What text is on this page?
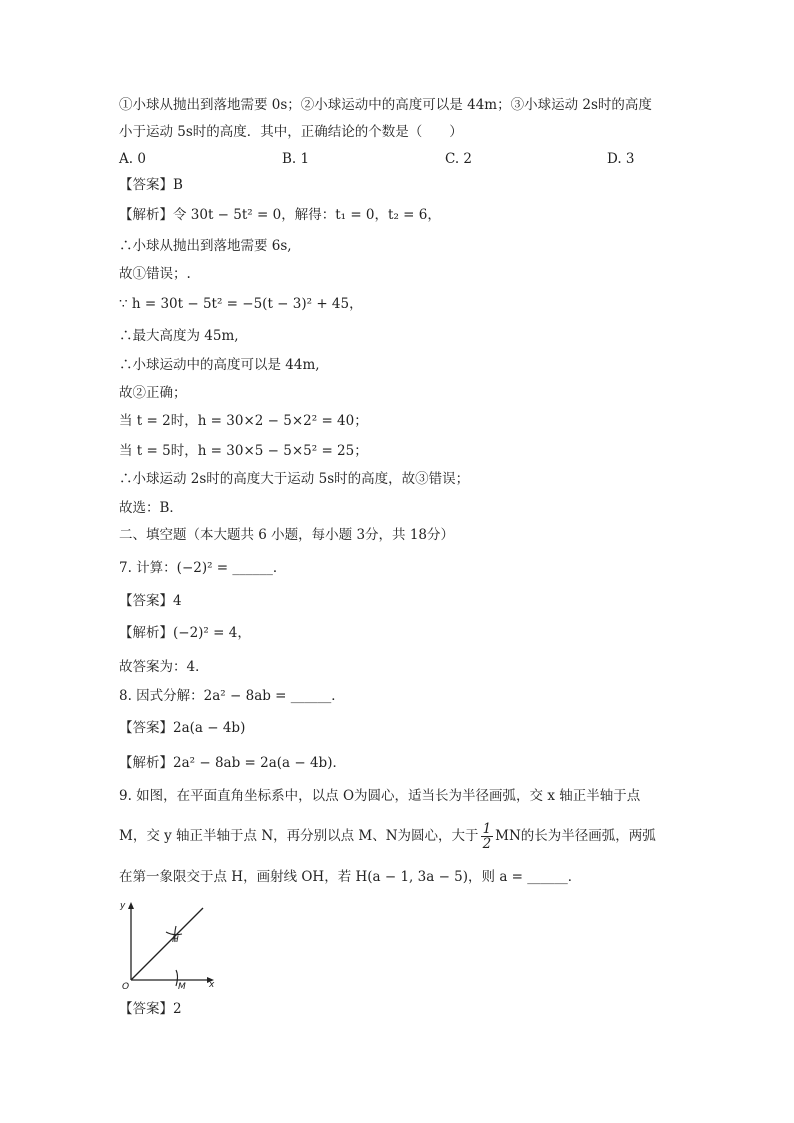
①小球从抛出到落地需要 0s；②小球运动中的高度可以是 44m；③小球运动 2s时的高度
小于运动 5s时的高度．其中，正确结论的个数是（　　）
A. 0	B. 1	C. 2	D. 3
【答案】B
【解析】令 30t − 5t² = 0，解得：t₁ = 0，t₂ = 6，
∴小球从抛出到落地需要 6s,
故①错误；.
∵ h = 30t − 5t² = −5(t − 3)² + 45，
∴最大高度为 45m,
∴小球运动中的高度可以是 44m,
故②正确；
当 t = 2时，h = 30×2 − 5×2² = 40；
当 t = 5时，h = 30×5 − 5×5² = 25；
∴小球运动 2s时的高度大于运动 5s时的高度，故③错误；
故选：B．
二、填空题（本大题共 6 小题，每小题 3分，共 18分）
7. 计算：(−2)² = ______．
【答案】4
【解析】(−2)² = 4，
故答案为：4．
8. 因式分解：2a² − 8ab = ______．
【答案】2a(a − 4b)
【解析】2a² − 8ab = 2a(a − 4b)．
9. 如图，在平面直角坐标系中，以点 O为圆心，适当长为半径画弧，交 x 轴正半轴于点
M，交 y 轴正半轴于点 N，再分别以点 M、N为圆心，大于 $\frac{1}{2}$ MN的长为半径画弧，两弧
在第一象限交于点 H，画射线 OH，若 H(a − 1, 3a − 5)，则 a = ______．
y
O
H
M	x
【答案】2
